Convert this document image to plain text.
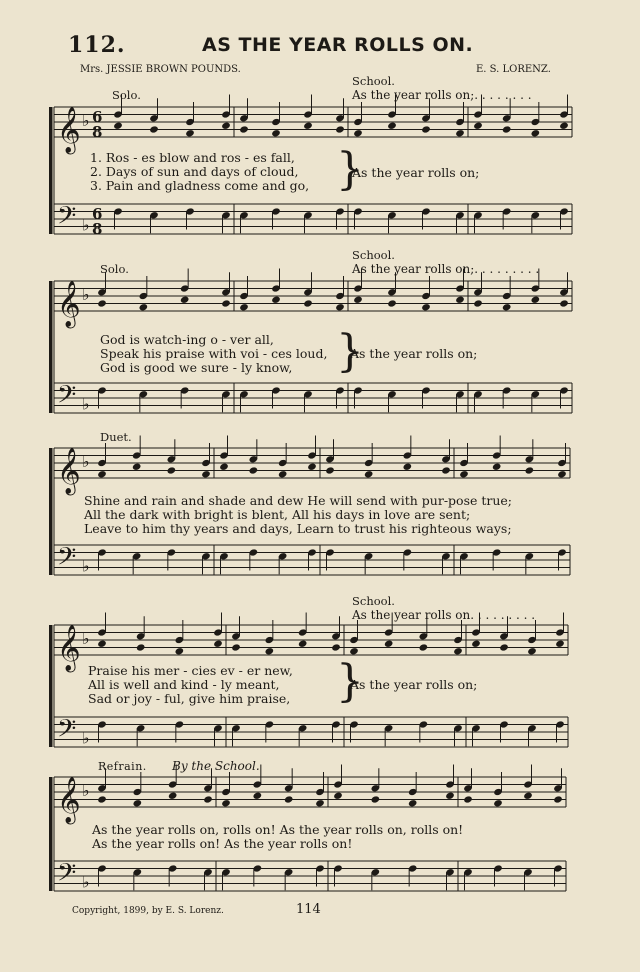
112.	AS THE YEAR ROLLS ON.
Mrs. JESSIE BROWN POUNDS.	E. S. LORENZ.
𝄞
𝄢
♭
♭
6
8
6
8
𝄞
𝄢
♭
♭
𝄞
𝄢
♭
♭
𝄞
𝄢
♭
♭
𝄞
𝄢
♭
♭
Solo.
School.
As the year rolls on;. . . . . . . .
1. Ros - es blow and ros - es fall,
2. Days of sun and days of cloud,
3. Pain and gladness come and go, }
As the year rolls on;
Solo.
School.
As the year rolls on;. . . . . . . . .
God is watch-ing o - ver all,
Speak his praise with voi - ces loud,
God is good we sure - ly know, }
As the year rolls on;
Duet.
Shine and rain and shade and dew He will send with pur-pose true;
All the dark with bright is blent, All his days in love are sent;
Leave to him thy years and days, Learn to trust his righteous ways;
School.
As the year rolls on. . . . . . . . .
Praise his mer - cies ev - er new,
All is well and kind - ly meant,
Sad or joy - ful, give him praise, }
As the year rolls on;
Refrain. By the School.
As the year rolls on, rolls on! As the year rolls on, rolls on!
As the year rolls on! As the year rolls on!
Copyright, 1899, by E. S. Lorenz.	114
